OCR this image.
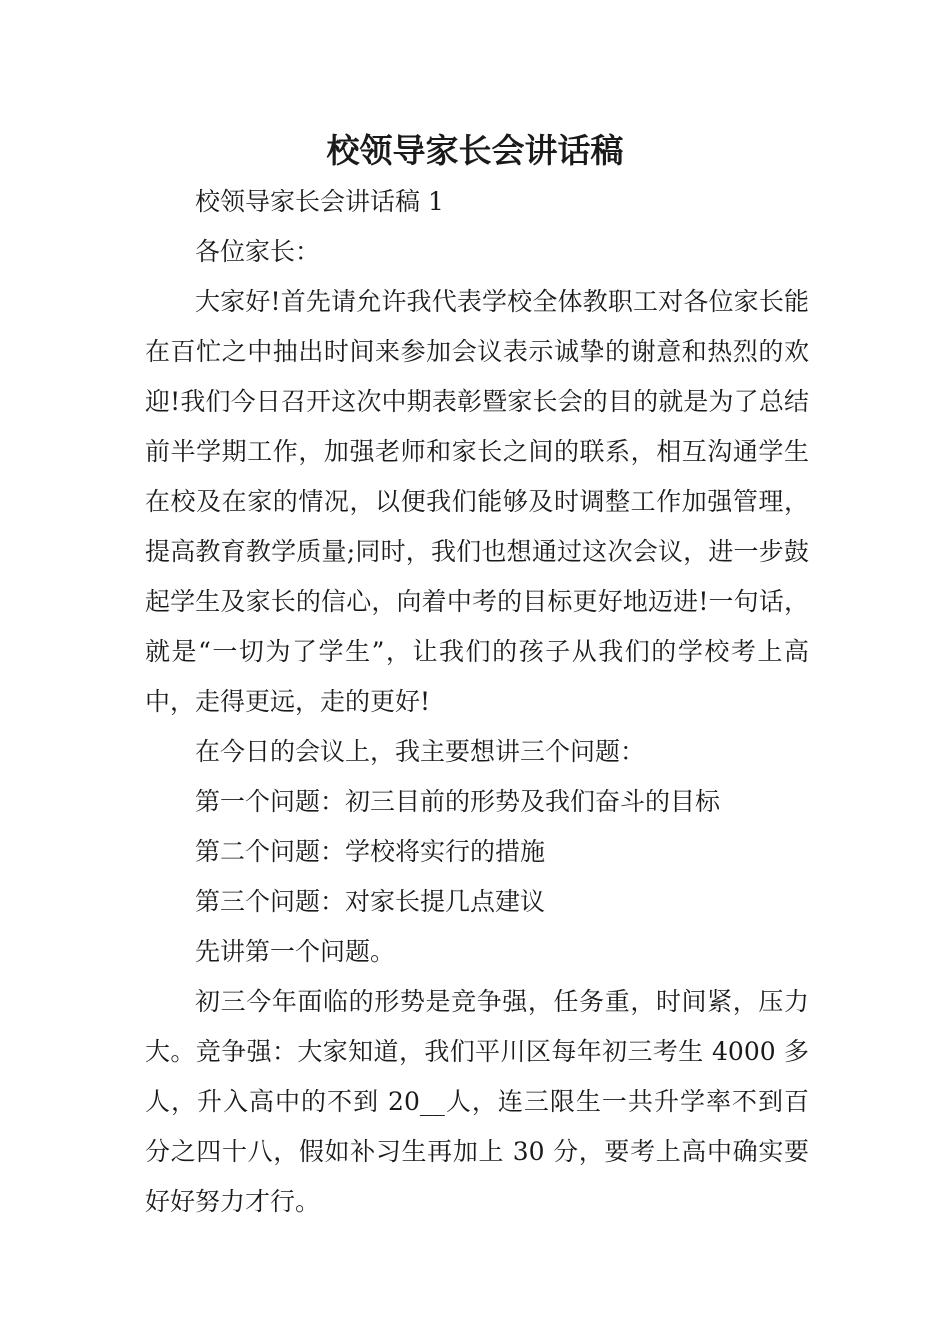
校领导家长会讲话稿

校领导家长会讲话稿 1

各位家长：

大家好!首先请允许我代表学校全体教职工对各位家长能在百忙之中抽出时间来参加会议表示诚挚的谢意和热烈的欢迎!我们今日召开这次中期表彰暨家长会的目的就是为了总结前半学期工作，加强老师和家长之间的联系，相互沟通学生在校及在家的情况，以便我们能够及时调整工作加强管理，提高教育教学质量;同时，我们也想通过这次会议，进一步鼓起学生及家长的信心，向着中考的目标更好地迈进!一句话，就是“一切为了学生”，让我们的孩子从我们的学校考上高中，走得更远，走的更好!

在今日的会议上，我主要想讲三个问题：

第一个问题：初三目前的形势及我们奋斗的目标

第二个问题：学校将实行的措施

第三个问题：对家长提几点建议

先讲第一个问题。

初三今年面临的形势是竞争强，任务重，时间紧，压力大。竞争强：大家知道，我们平川区每年初三考生 4000 多人，升入高中的不到 20__人，连三限生一共升学率不到百分之四十八，假如补习生再加上 30 分，要考上高中确实要好好努力才行。
